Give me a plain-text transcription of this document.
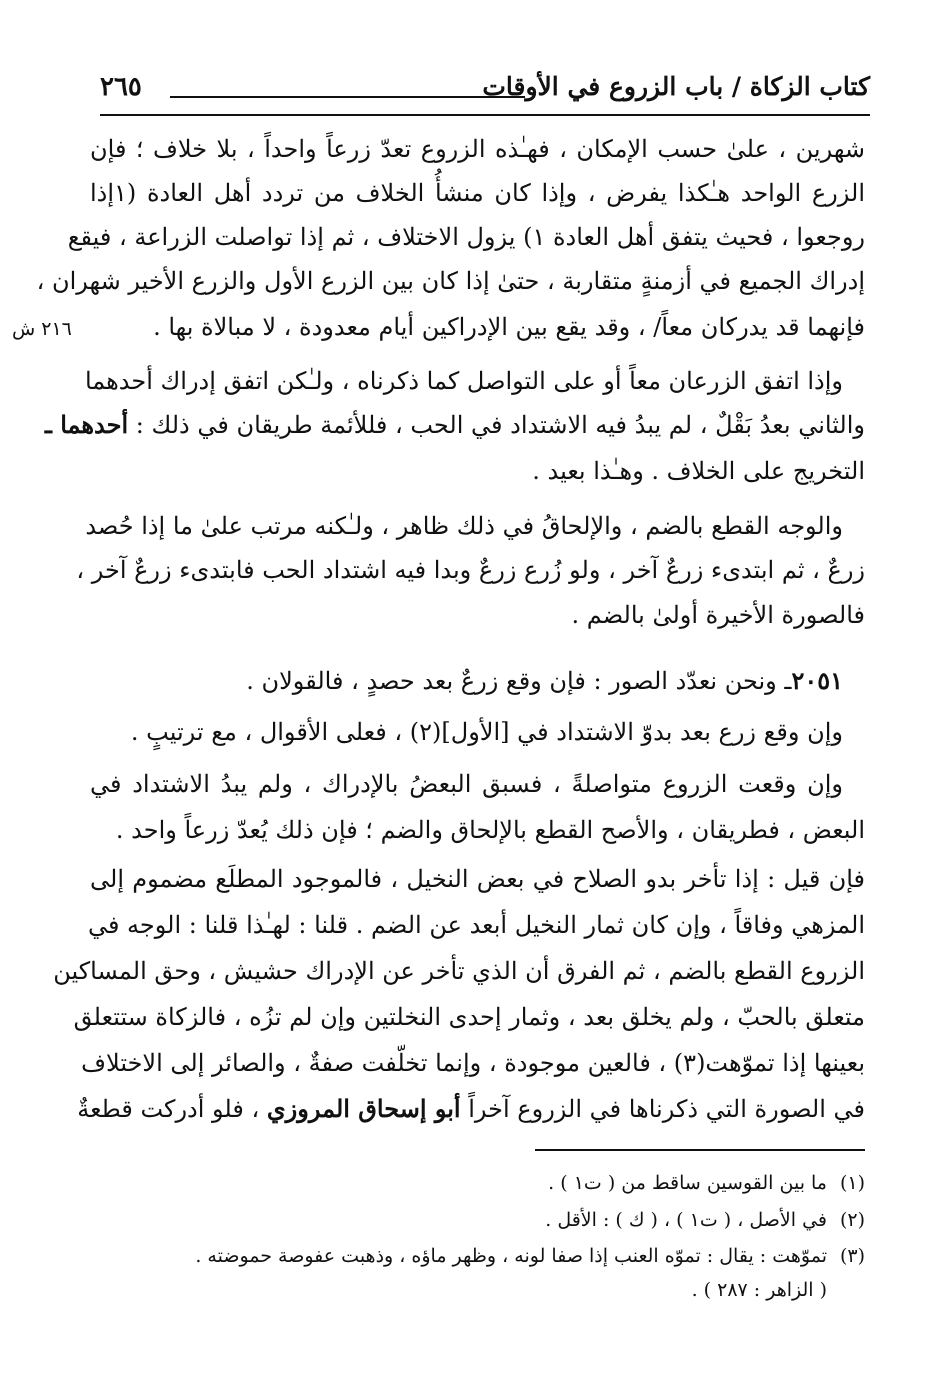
كتاب الزكاة / باب الزروع في الأوقات
٢٦٥
٢١٦ ش
شهرين ، علىٰ حسب الإمكان ، فهـٰذه الزروع تعدّ زرعاً واحداً ، بلا خلاف ؛ فإن
الزرع الواحد هـٰكذا يفرض ، وإذا كان منشأُ الخلاف من تردد أهل العادة (١إذا
روجعوا ، فحيث يتفق أهل العادة ١) يزول الاختلاف ، ثم إذا تواصلت الزراعة ، فيقع
إدراك الجميع في أزمنةٍ متقاربة ، حتىٰ إذا كان بين الزرع الأول والزرع الأخير شهران ،
فإنهما قد يدركان معاً/ ، وقد يقع بين الإدراكين أيام معدودة ، لا مبالاة بها .
وإذا اتفق الزرعان معاً أو على التواصل كما ذكرناه ، ولـٰكن اتفق إدراك أحدهما
والثاني بعدُ بَقْلٌ ، لم يبدُ فيه الاشتداد في الحب ، فللأئمة طريقان في ذلك : أحدهما ـ
التخريج على الخلاف . وهـٰذا بعيد .
والوجه القطع بالضم ، والإلحاقُ في ذلك ظاهر ، ولـٰكنه مرتب علىٰ ما إذا حُصد
زرعٌ ، ثم ابتدىء زرعٌ آخر ، ولو زُرع زرعٌ وبدا فيه اشتداد الحب فابتدىء زرعٌ آخر ،
فالصورة الأخيرة أولىٰ بالضم .
٢٠٥١ـ ونحن نعدّد الصور : فإن وقع زرعٌ بعد حصدٍ ، فالقولان .
وإن وقع زرع بعد بدوّ الاشتداد في [الأول](٢) ، فعلى الأقوال ، مع ترتيبٍ .
وإن وقعت الزروع متواصلةً ، فسبق البعضُ بالإدراك ، ولم يبدُ الاشتداد في
البعض ، فطريقان ، والأصح القطع بالإلحاق والضم ؛ فإن ذلك يُعدّ زرعاً واحد .
فإن قيل : إذا تأخر بدو الصلاح في بعض النخيل ، فالموجود المطلَع مضموم إلى
المزهي وفاقاً ، وإن كان ثمار النخيل أبعد عن الضم . قلنا : لهـٰذا قلنا : الوجه في
الزروع القطع بالضم ، ثم الفرق أن الذي تأخر عن الإدراك حشيش ، وحق المساكين
متعلق بالحبّ ، ولم يخلق بعد ، وثمار إحدى النخلتين وإن لم تزُه ، فالزكاة ستتعلق
بعينها إذا تموّهت(٣) ، فالعين موجودة ، وإنما تخلّفت صفةٌ ، والصائر إلى الاختلاف
في الصورة التي ذكرناها في الزروع آخراً أبو إسحاق المروزي ، فلو أدركت قطعةٌ
(١)ما بين القوسين ساقط من ( ت١ ) .
(٢)في الأصل ، ( ت١ ) ، ( ك ) : الأقل .
(٣)تموّهت : يقال : تموّه العنب إذا صفا لونه ، وظهر ماؤه ، وذهبت عفوصة حموضته .
( الزاهر : ٢٨٧ ) .
